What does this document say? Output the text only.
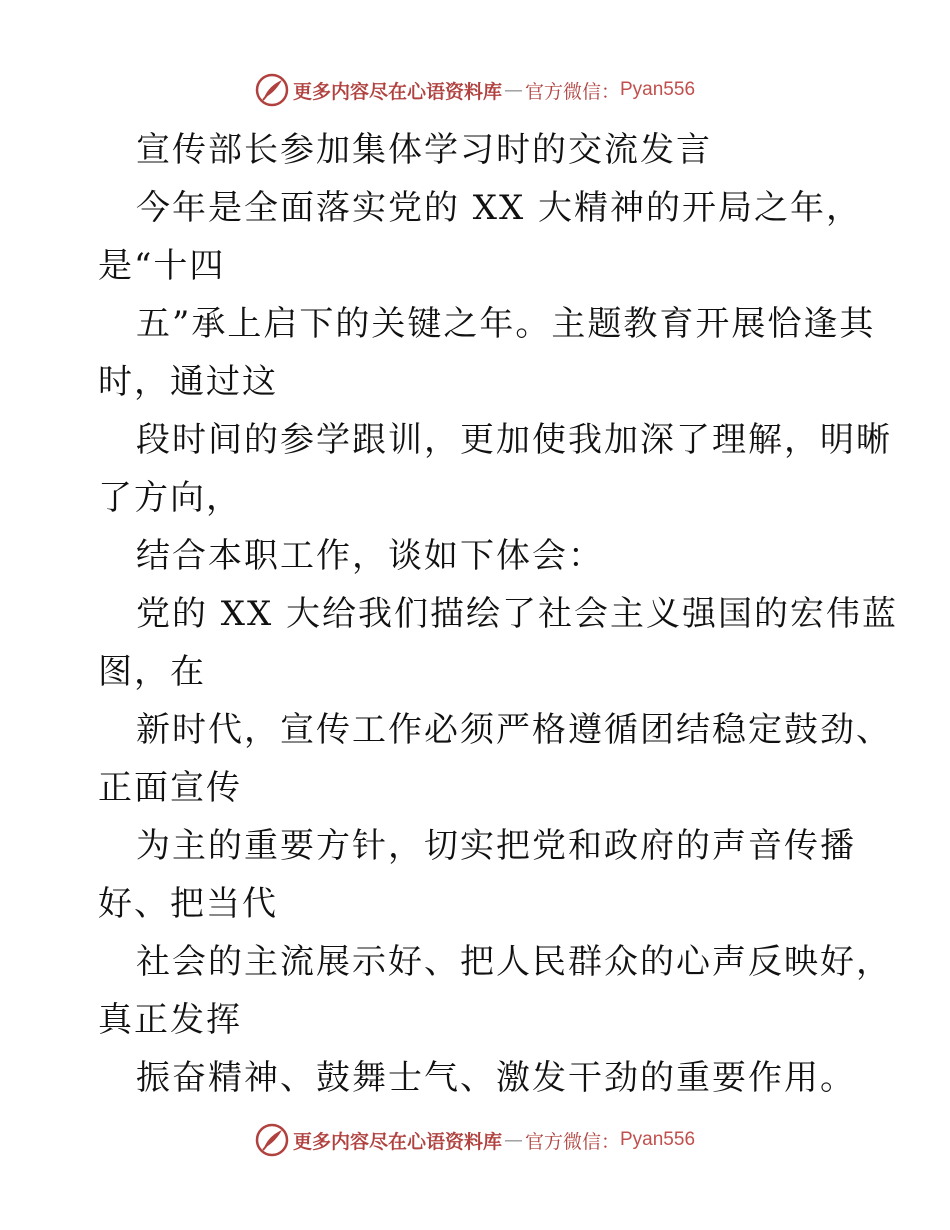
更多内容尽在心语资料库 — 官方微信： Pyan556
宣传部长参加集体学习时的交流发言
今年是全面落实党的 XX 大精神的开局之年，
是“十四
五”承上启下的关键之年。主题教育开展恰逢其
时，通过这
段时间的参学跟训，更加使我加深了理解，明晰
了方向，
结合本职工作，谈如下体会：
党的 XX 大给我们描绘了社会主义强国的宏伟蓝
图，在
新时代，宣传工作必须严格遵循团结稳定鼓劲、
正面宣传
为主的重要方针，切实把党和政府的声音传播
好、把当代
社会的主流展示好、把人民群众的心声反映好，
真正发挥
振奋精神、鼓舞士气、激发干劲的重要作用。
更多内容尽在心语资料库 — 官方微信： Pyan556
